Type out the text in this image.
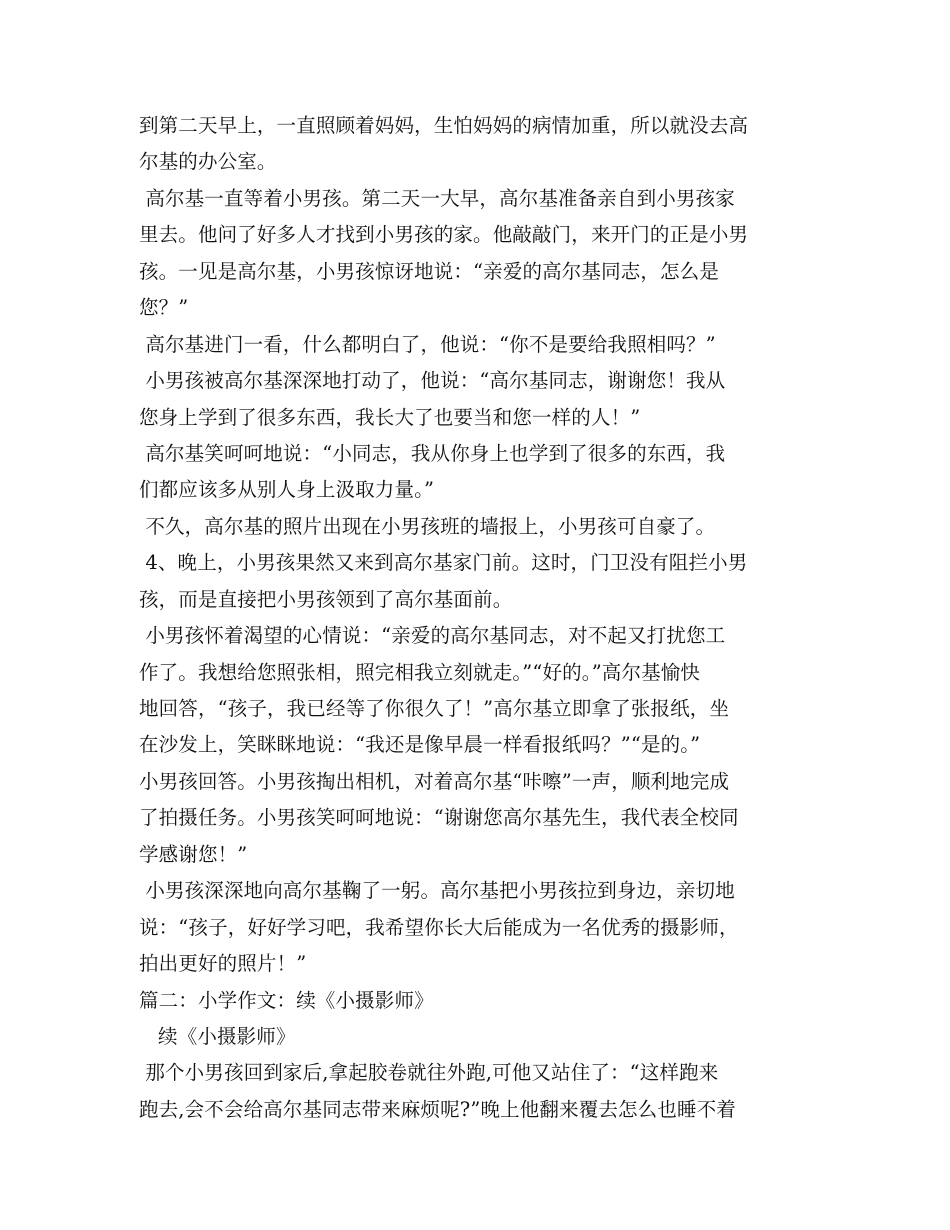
到第二天早上，一直照顾着妈妈，生怕妈妈的病情加重，所以就没去高
尔基的办公室。
高尔基一直等着小男孩。第二天一大早，高尔基准备亲自到小男孩家
里去。他问了好多人才找到小男孩的家。他敲敲门，来开门的正是小男
孩。一见是高尔基，小男孩惊讶地说：“亲爱的高尔基同志，怎么是
您？”
高尔基进门一看，什么都明白了，他说：“你不是要给我照相吗？”
小男孩被高尔基深深地打动了，他说：“高尔基同志，谢谢您！我从
您身上学到了很多东西，我长大了也要当和您一样的人！”
高尔基笑呵呵地说：“小同志，我从你身上也学到了很多的东西，我
们都应该多从别人身上汲取力量。”
不久，高尔基的照片出现在小男孩班的墙报上，小男孩可自豪了。
4、晚上，小男孩果然又来到高尔基家门前。这时，门卫没有阻拦小男
孩，而是直接把小男孩领到了高尔基面前。
小男孩怀着渴望的心情说：“亲爱的高尔基同志，对不起又打扰您工
作了。我想给您照张相，照完相我立刻就走。”“好的。”高尔基愉快
地回答，“孩子，我已经等了你很久了！”高尔基立即拿了张报纸，坐
在沙发上，笑眯眯地说：“我还是像早晨一样看报纸吗？”“是的。”
小男孩回答。小男孩掏出相机，对着高尔基“咔嚓”一声，顺利地完成
了拍摄任务。小男孩笑呵呵地说：“谢谢您高尔基先生，我代表全校同
学感谢您！”
小男孩深深地向高尔基鞠了一躬。高尔基把小男孩拉到身边，亲切地
说：“孩子，好好学习吧，我希望你长大后能成为一名优秀的摄影师，
拍出更好的照片！”
篇二：小学作文：续《小摄影师》
续《小摄影师》
那个小男孩回到家后,拿起胶卷就往外跑,可他又站住了：“这样跑来
跑去,会不会给高尔基同志带来麻烦呢?”晚上他翻来覆去怎么也睡不着
